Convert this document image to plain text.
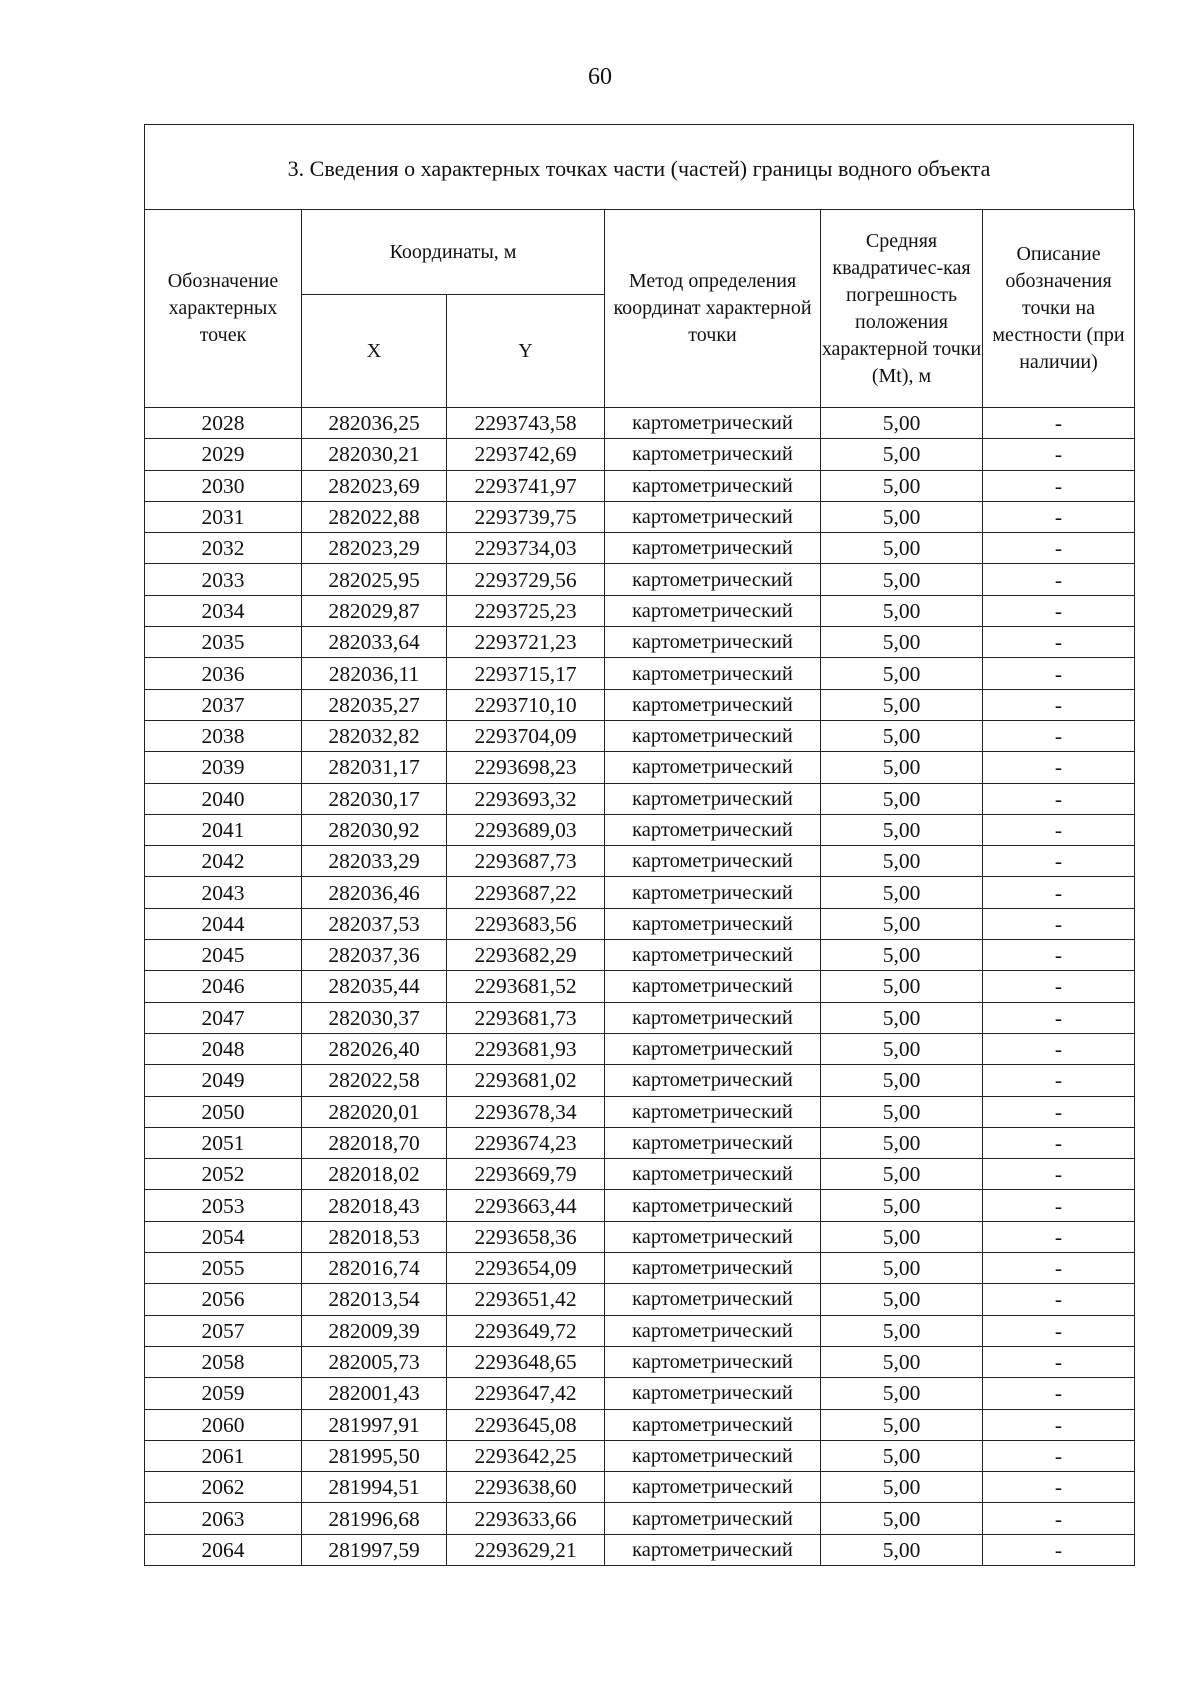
60
3. Сведения о характерных точках части (частей) границы водного объекта
Обозначение характерных точек	Координаты, м		Метод определения координат характерной точки	Средняя квадратичес-кая погрешность положения характерной точки (Mt), м	Описание обозначения точки на местности (при наличии)
	X	Y			
2028	282036,25	2293743,58	картометрический	5,00	-
2029	282030,21	2293742,69	картометрический	5,00	-
2030	282023,69	2293741,97	картометрический	5,00	-
2031	282022,88	2293739,75	картометрический	5,00	-
2032	282023,29	2293734,03	картометрический	5,00	-
2033	282025,95	2293729,56	картометрический	5,00	-
2034	282029,87	2293725,23	картометрический	5,00	-
2035	282033,64	2293721,23	картометрический	5,00	-
2036	282036,11	2293715,17	картометрический	5,00	-
2037	282035,27	2293710,10	картометрический	5,00	-
2038	282032,82	2293704,09	картометрический	5,00	-
2039	282031,17	2293698,23	картометрический	5,00	-
2040	282030,17	2293693,32	картометрический	5,00	-
2041	282030,92	2293689,03	картометрический	5,00	-
2042	282033,29	2293687,73	картометрический	5,00	-
2043	282036,46	2293687,22	картометрический	5,00	-
2044	282037,53	2293683,56	картометрический	5,00	-
2045	282037,36	2293682,29	картометрический	5,00	-
2046	282035,44	2293681,52	картометрический	5,00	-
2047	282030,37	2293681,73	картометрический	5,00	-
2048	282026,40	2293681,93	картометрический	5,00	-
2049	282022,58	2293681,02	картометрический	5,00	-
2050	282020,01	2293678,34	картометрический	5,00	-
2051	282018,70	2293674,23	картометрический	5,00	-
2052	282018,02	2293669,79	картометрический	5,00	-
2053	282018,43	2293663,44	картометрический	5,00	-
2054	282018,53	2293658,36	картометрический	5,00	-
2055	282016,74	2293654,09	картометрический	5,00	-
2056	282013,54	2293651,42	картометрический	5,00	-
2057	282009,39	2293649,72	картометрический	5,00	-
2058	282005,73	2293648,65	картометрический	5,00	-
2059	282001,43	2293647,42	картометрический	5,00	-
2060	281997,91	2293645,08	картометрический	5,00	-
2061	281995,50	2293642,25	картометрический	5,00	-
2062	281994,51	2293638,60	картометрический	5,00	-
2063	281996,68	2293633,66	картометрический	5,00	-
2064	281997,59	2293629,21	картометрический	5,00	-
